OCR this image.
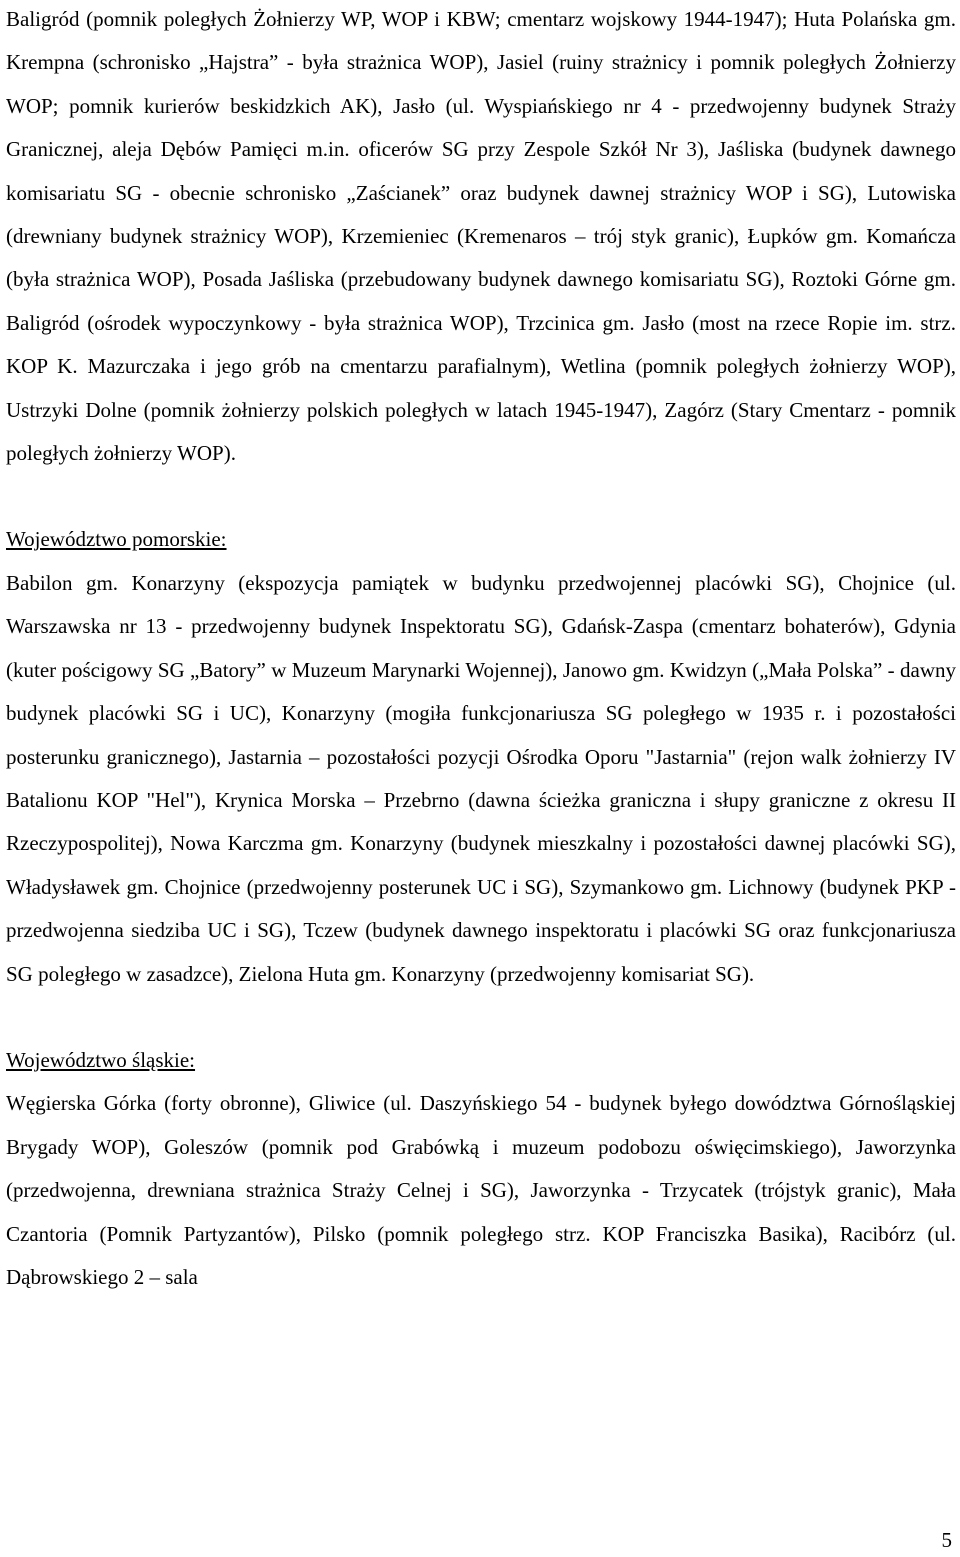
Baligród (pomnik poległych Żołnierzy WP, WOP i KBW; cmentarz wojskowy 1944-1947); Huta Polańska gm. Krempna (schronisko „Hajstra” - była strażnica WOP), Jasiel (ruiny strażnicy i pomnik poległych Żołnierzy WOP; pomnik kurierów beskidzkich AK), Jasło (ul. Wyspiańskiego nr 4 - przedwojenny budynek Straży Granicznej, aleja Dębów Pamięci m.in. oficerów SG przy Zespole Szkół Nr 3), Jaśliska (budynek dawnego komisariatu SG - obecnie schronisko „Zaścianek” oraz budynek dawnej strażnicy WOP i SG), Lutowiska (drewniany budynek strażnicy WOP), Krzemieniec (Kremenaros – trój styk granic), Łupków gm. Komańcza (była strażnica WOP), Posada Jaśliska (przebudowany budynek dawnego komisariatu SG), Roztoki Górne gm. Baligród (ośrodek wypoczynkowy - była strażnica WOP), Trzcinica gm. Jasło (most na rzece Ropie im. strz. KOP K. Mazurczaka i jego grób na cmentarzu parafialnym), Wetlina (pomnik poległych żołnierzy WOP), Ustrzyki Dolne (pomnik żołnierzy polskich poległych w latach 1945-1947), Zagórz (Stary Cmentarz - pomnik poległych żołnierzy WOP).

Województwo pomorskie:

Babilon gm. Konarzyny (ekspozycja pamiątek w budynku przedwojennej placówki SG), Chojnice (ul. Warszawska nr 13 - przedwojenny budynek Inspektoratu SG), Gdańsk-Zaspa (cmentarz bohaterów), Gdynia (kuter pościgowy SG „Batory” w Muzeum Marynarki Wojennej), Janowo gm. Kwidzyn („Mała Polska” - dawny budynek placówki SG i UC), Konarzyny (mogiła funkcjonariusza SG poległego w 1935 r. i pozostałości posterunku granicznego), Jastarnia – pozostałości pozycji Ośrodka Oporu "Jastarnia" (rejon walk żołnierzy IV Batalionu KOP "Hel"), Krynica Morska – Przebrno (dawna ścieżka graniczna i słupy graniczne z okresu II Rzeczypospolitej), Nowa Karczma gm. Konarzyny (budynek mieszkalny i pozostałości dawnej placówki SG), Władysławek gm. Chojnice (przedwojenny posterunek UC i SG), Szymankowo gm. Lichnowy (budynek PKP - przedwojenna siedziba UC i SG), Tczew (budynek dawnego inspektoratu i placówki SG oraz funkcjonariusza SG poległego w zasadzce), Zielona Huta gm. Konarzyny (przedwojenny komisariat SG).

Województwo śląskie:

Węgierska Górka (forty obronne), Gliwice (ul. Daszyńskiego 54 - budynek byłego dowództwa Górnośląskiej Brygady WOP), Goleszów (pomnik pod Grabówką i muzeum podobozu oświęcimskiego), Jaworzynka (przedwojenna, drewniana strażnica Straży Celnej i SG), Jaworzynka - Trzycatek (trójstyk granic), Mała Czantoria (Pomnik Partyzantów), Pilsko (pomnik poległego strz. KOP Franciszka Basika), Racibórz (ul. Dąbrowskiego 2 – sala

5
